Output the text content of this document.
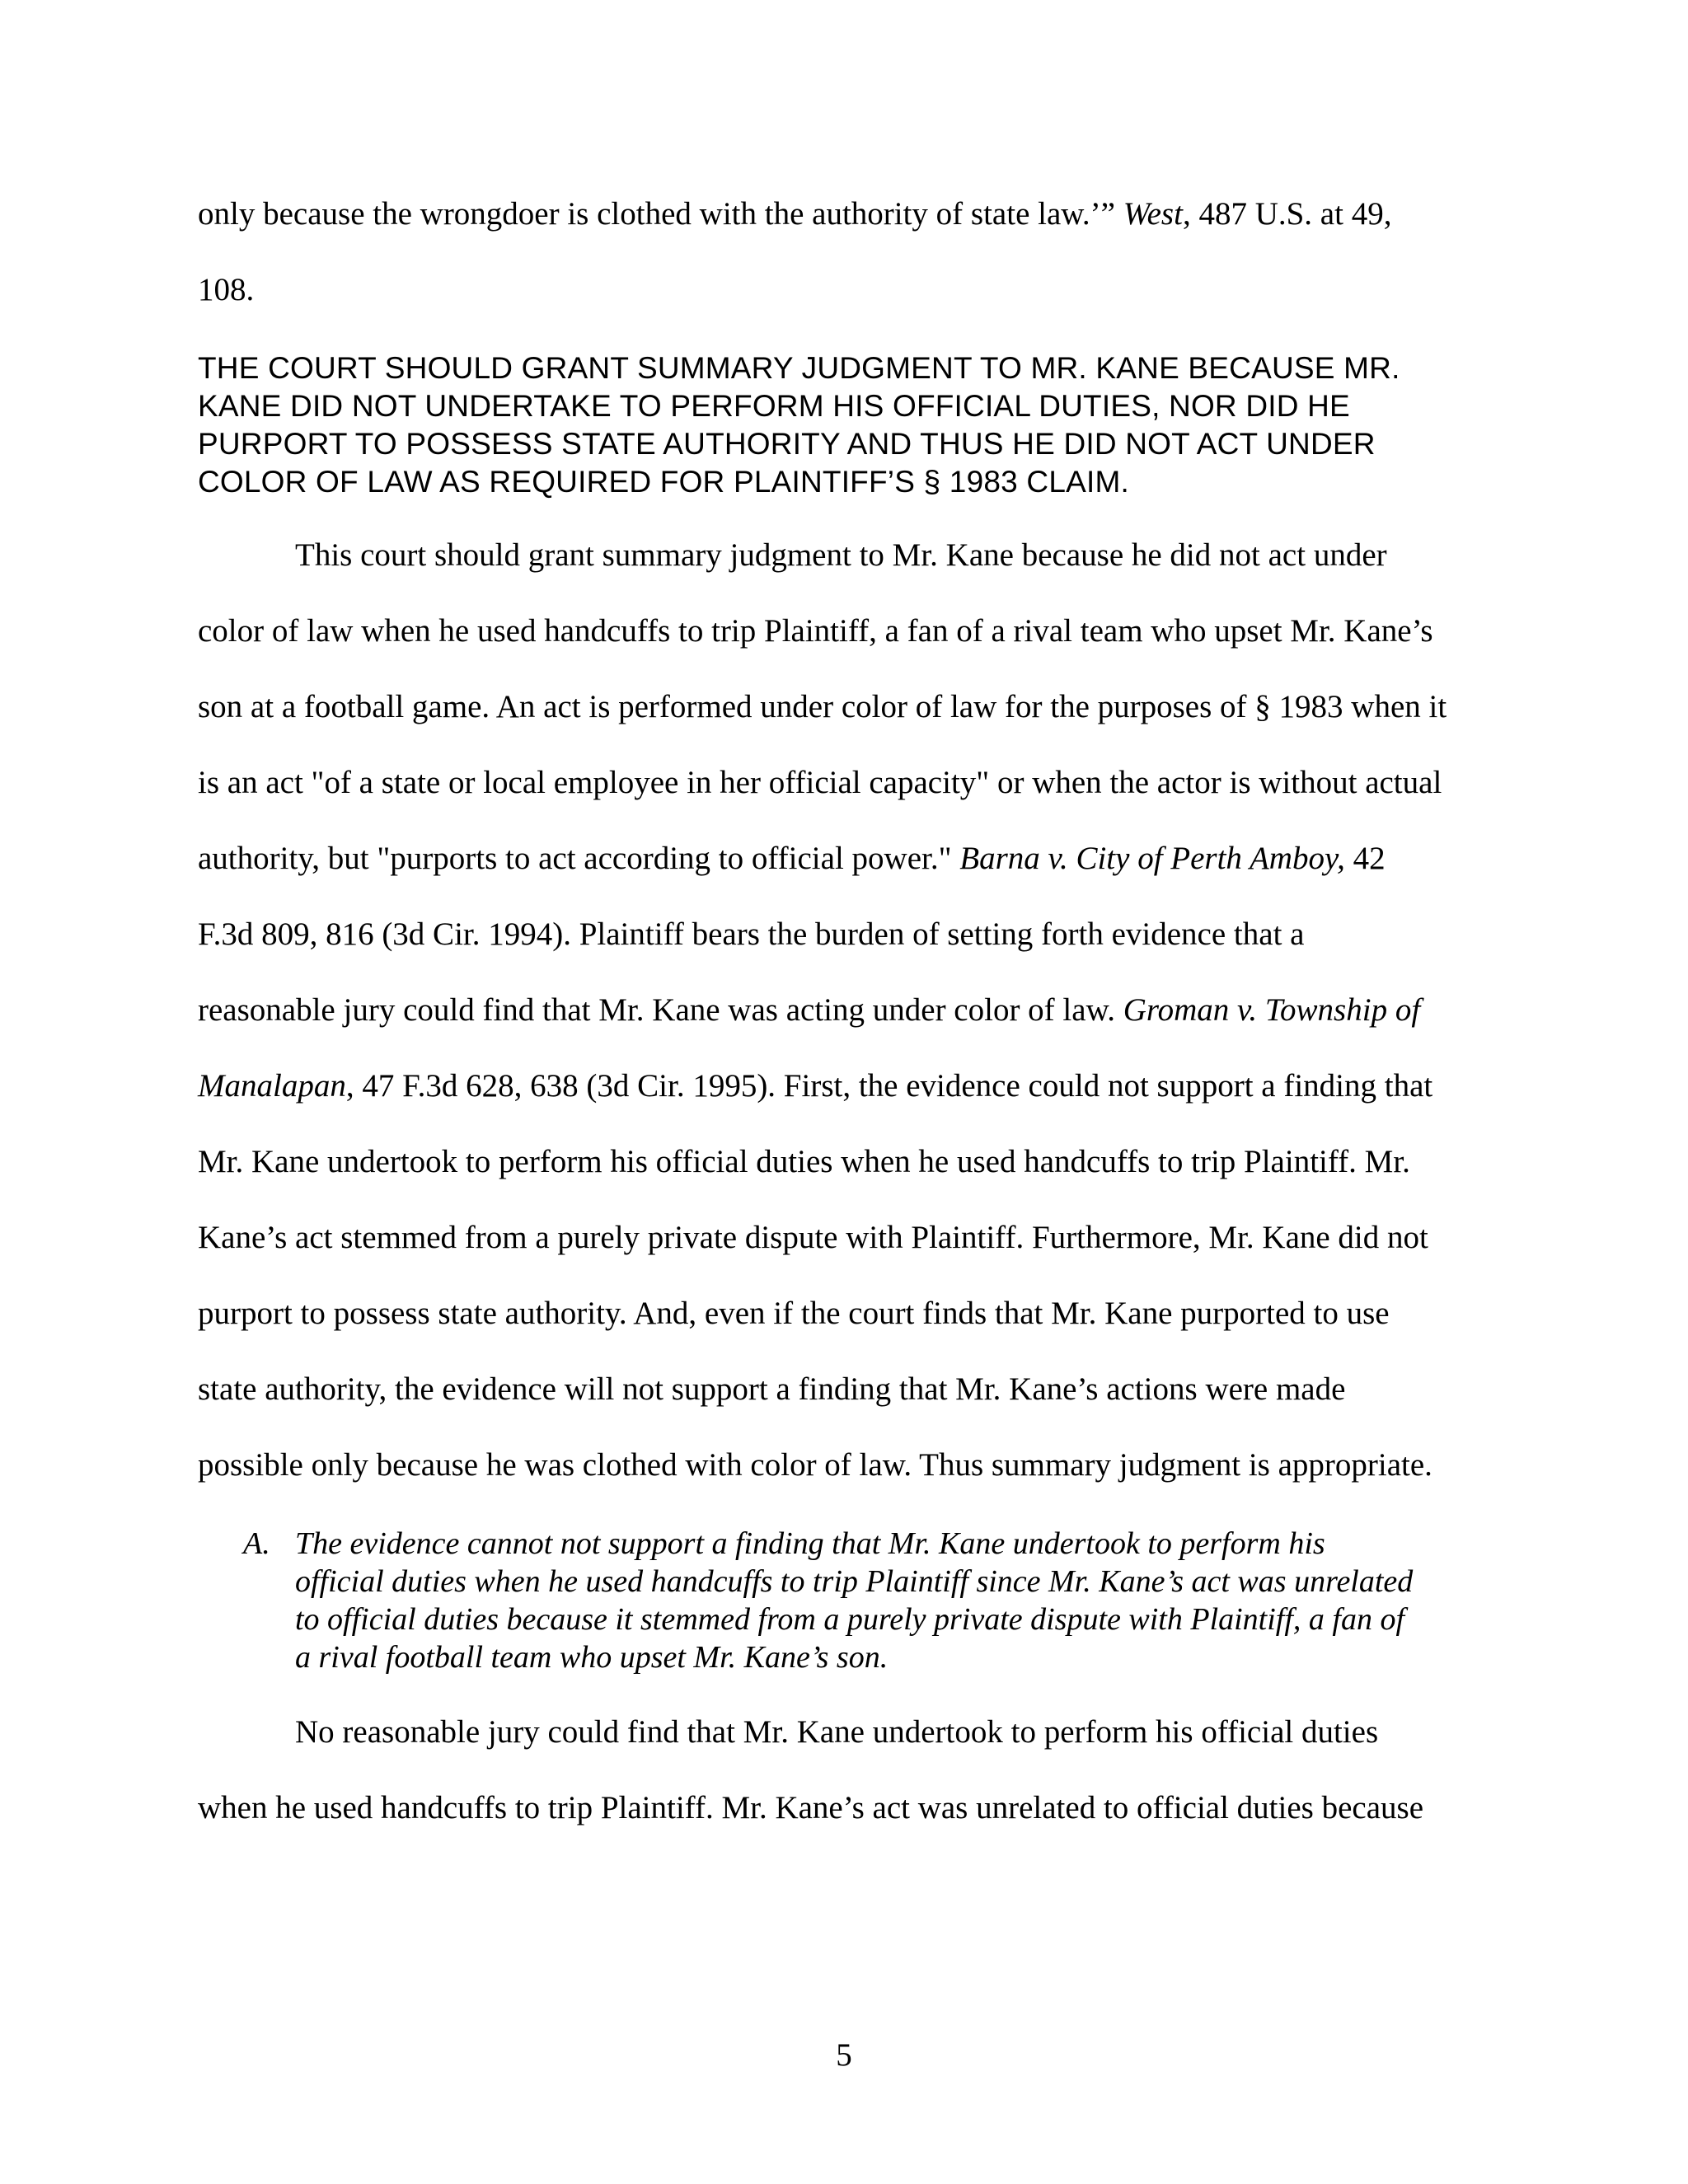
only because the wrongdoer is clothed with the authority of state law.’” West, 487 U.S. at 49,
108.
THE COURT SHOULD GRANT SUMMARY JUDGMENT TO MR. KANE BECAUSE MR.
KANE DID NOT UNDERTAKE TO PERFORM HIS OFFICIAL DUTIES, NOR DID HE
PURPORT TO POSSESS STATE AUTHORITY AND THUS HE DID NOT ACT UNDER
COLOR OF LAW AS REQUIRED FOR PLAINTIFF’S § 1983 CLAIM.
This court should grant summary judgment to Mr. Kane because he did not act under
color of law when he used handcuffs to trip Plaintiff, a fan of a rival team who upset Mr. Kane’s
son at a football game. An act is performed under color of law for the purposes of § 1983 when it
is an act "of a state or local employee in her official capacity" or when the actor is without actual
authority, but "purports to act according to official power." Barna v. City of Perth Amboy, 42
F.3d 809, 816 (3d Cir. 1994). Plaintiff bears the burden of setting forth evidence that a
reasonable jury could find that Mr. Kane was acting under color of law. Groman v. Township of
Manalapan, 47 F.3d 628, 638 (3d Cir. 1995). First, the evidence could not support a finding that
Mr. Kane undertook to perform his official duties when he used handcuffs to trip Plaintiff. Mr.
Kane’s act stemmed from a purely private dispute with Plaintiff. Furthermore, Mr. Kane did not
purport to possess state authority. And, even if the court finds that Mr. Kane purported to use
state authority, the evidence will not support a finding that Mr. Kane’s actions were made
possible only because he was clothed with color of law. Thus summary judgment is appropriate.
A. The evidence cannot not support a finding that Mr. Kane undertook to perform his
official duties when he used handcuffs to trip Plaintiff since Mr. Kane’s act was unrelated
to official duties because it stemmed from a purely private dispute with Plaintiff, a fan of
a rival football team who upset Mr. Kane’s son.
No reasonable jury could find that Mr. Kane undertook to perform his official duties
when he used handcuffs to trip Plaintiff. Mr. Kane’s act was unrelated to official duties because
5
